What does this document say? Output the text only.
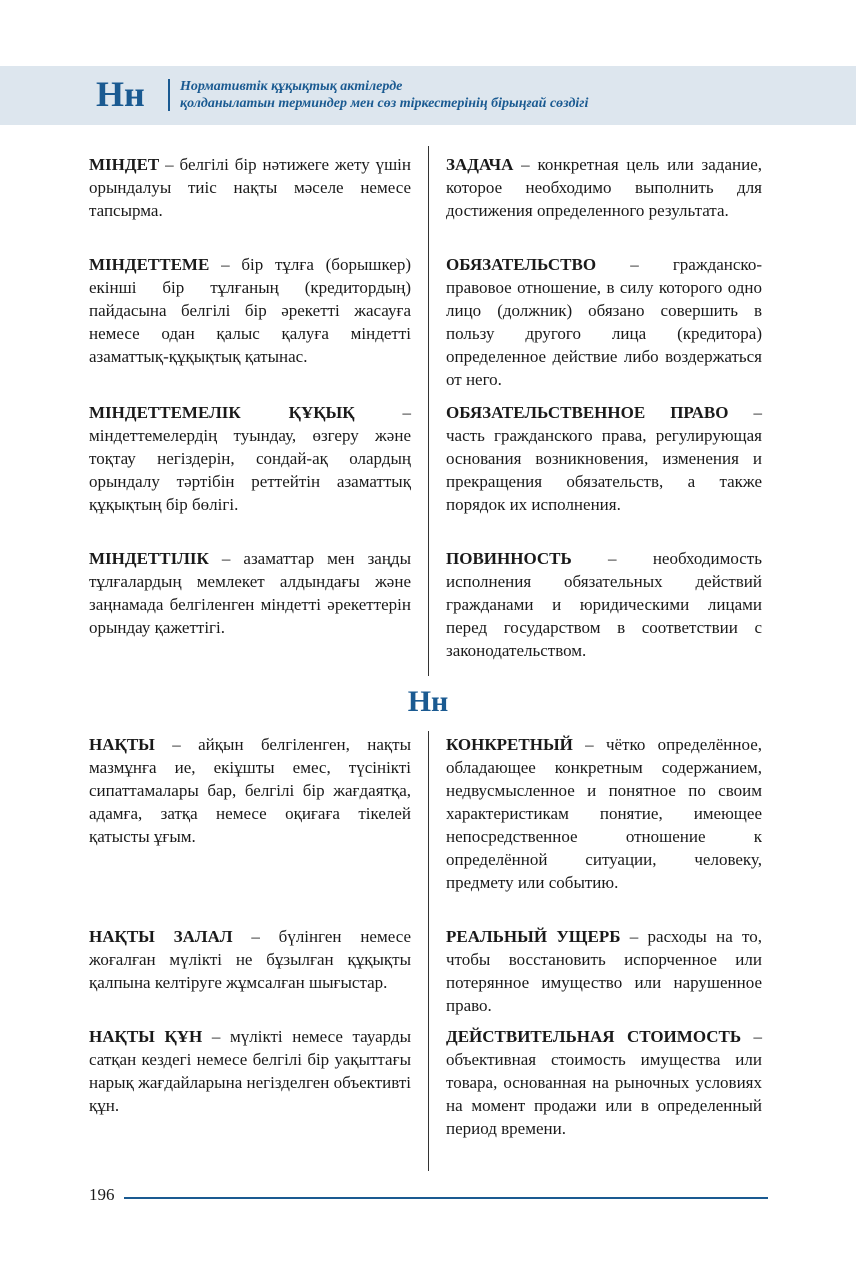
Нн	Нормативтік құқықтық актілерде
қолданылатын терминдер мен сөз тіркестерінің бірыңғай сөздігі

МІНДЕТ – белгілі бір нәтижеге жету үшін орындалуы тиіс нақты мәселе немесе тапсырма.

ЗАДАЧА – конкретная цель или задание, которое необходимо выполнить для достижения определенного результата.

МІНДЕТТЕМЕ – бір тұлға (борышкер) екінші бір тұлғаның (кредитордың) пайдасына белгілі бір әрекетті жасауға немесе одан қалыс қалуға міндетті азаматтық-құқықтық қатынас.

ОБЯЗАТЕЛЬСТВО – гражданско-правовое отношение, в силу которого одно лицо (должник) обязано совершить в пользу другого лица (кредитора) определенное действие либо воздержаться от него.

МІНДЕТТЕМЕЛІК ҚҰҚЫҚ – міндеттемелердің туындау, өзгеру және тоқтау негіздерін, сондай-ақ олардың орындалу тәртібін реттейтін азаматтық құқықтың бір бөлігі.

ОБЯЗАТЕЛЬСТВЕННОЕ ПРАВО – часть гражданского права, регулирующая основания возникновения, изменения и прекращения обязательств, а также порядок их исполнения.

МІНДЕТТІЛІК – азаматтар мен заңды тұлғалардың мемлекет алдындағы және заңнамада белгіленген міндетті әрекеттерін орындау қажеттігі.

ПОВИННОСТЬ – необходимость исполнения обязательных действий гражданами и юридическими лицами перед государством в соответствии с законодательством.

Нн

НАҚТЫ – айқын белгіленген, нақты мазмұнға ие, екіұшты емес, түсінікті сипаттамалары бар, белгілі бір жағдаятқа, адамға, затқа немесе оқиғаға тікелей қатысты ұғым.

КОНКРЕТНЫЙ – чётко определённое, обладающее конкретным содержанием, недвусмысленное и понятное по своим характеристикам понятие, имеющее непосредственное отношение к определённой ситуации, человеку, предмету или событию.

НАҚТЫ ЗАЛАЛ – бүлінген немесе жоғалған мүлікті не бұзылған құқықты қалпына келтіруге жұмсалған шығыстар.

РЕАЛЬНЫЙ УЩЕРБ – расходы на то, чтобы восстановить испорченное или потерянное имущество или нарушенное право.

НАҚТЫ ҚҰН – мүлікті немесе тауарды сатқан кездегі немесе белгілі бір уақыттағы нарық жағдайларына негізделген объективті құн.

ДЕЙСТВИТЕЛЬНАЯ СТОИМОСТЬ – объективная стоимость имущества или товара, основанная на рыночных условиях на момент продажи или в определенный период времени.

196
